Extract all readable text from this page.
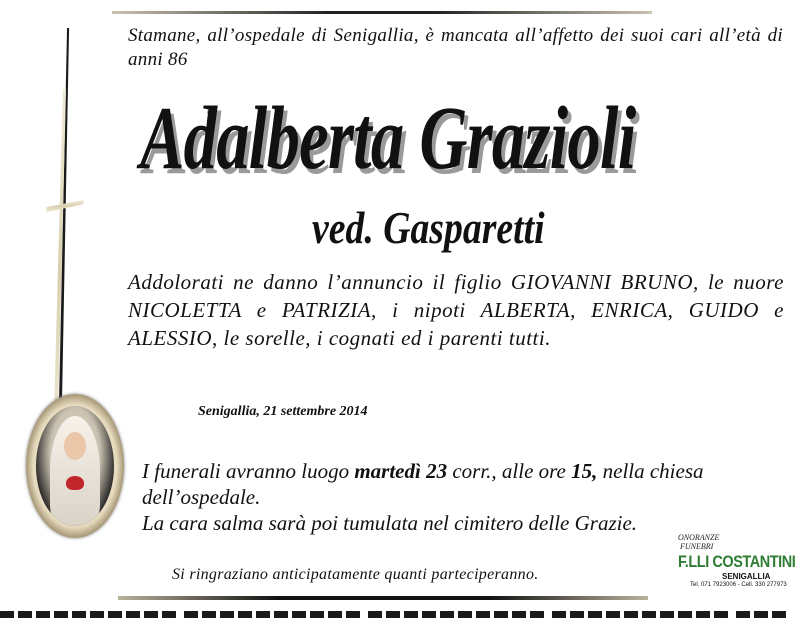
Stamane, all’ospedale di Senigallia, è mancata all’affetto dei suoi cari all’età di anni 86
Adalberta Grazioli
ved. Gasparetti
Addolorati ne danno l’annuncio il figlio GIOVANNI BRUNO, le nuore NICOLETTA e PATRIZIA, i nipoti ALBERTA, ENRICA, GUIDO e ALESSIO, le sorelle, i cognati ed i parenti tutti.
Senigallia, 21 settembre 2014
I funerali avranno luogo martedì 23 corr., alle ore 15, nella chiesa dell’ospedale.
La cara salma sarà poi tumulata nel cimitero delle Grazie.
Si ringraziano anticipatamente quanti parteciperanno.
ONORANZE
FUNEBRI
F.LLI COSTANTINI
SENIGALLIA
Tel. 071 7923006 - Cell. 330 277973
